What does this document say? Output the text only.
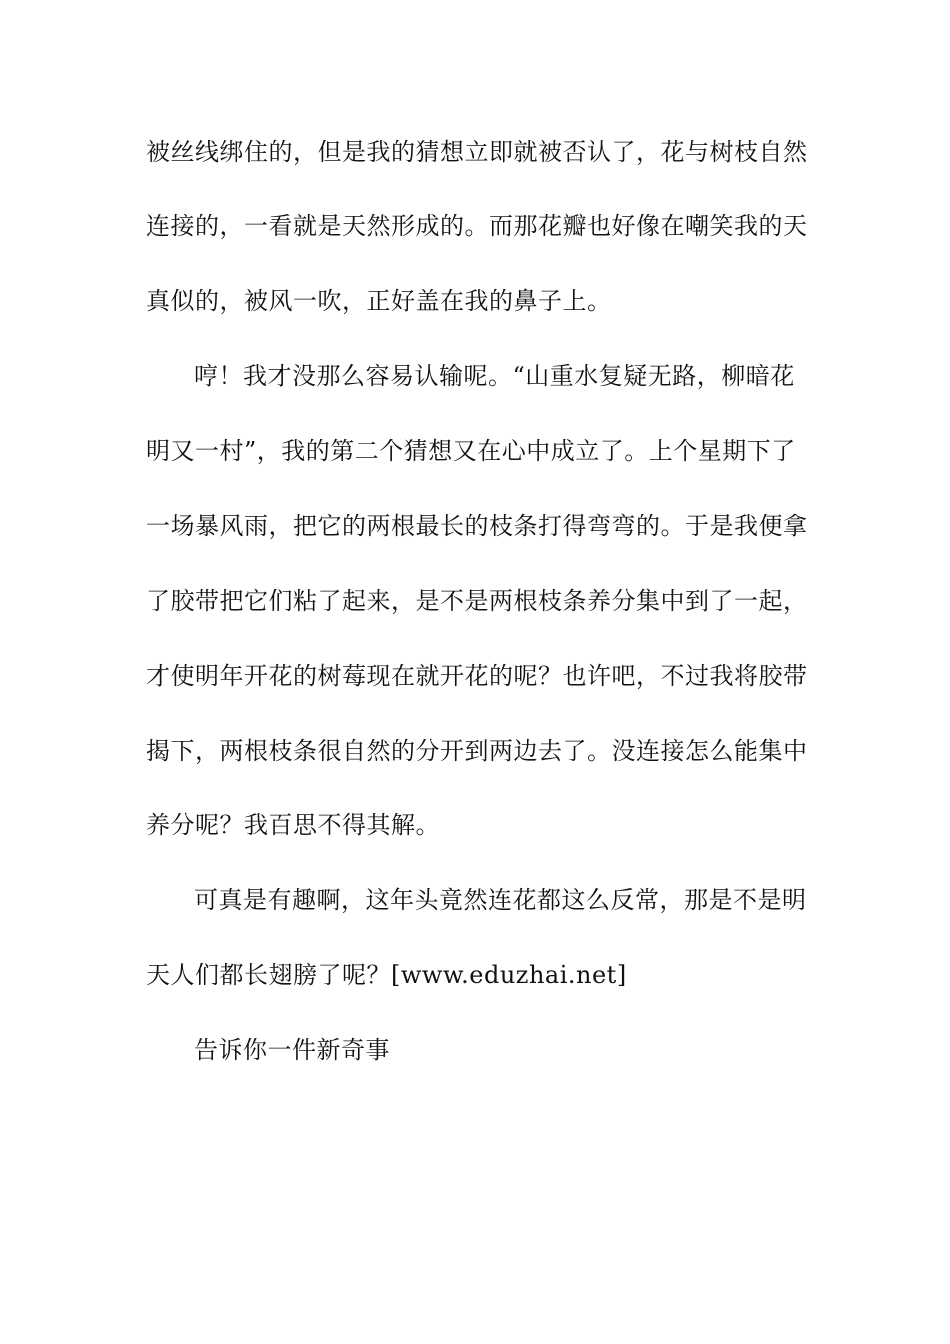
被丝线绑住的，但是我的猜想立即就被否认了，花与树枝自然
连接的，一看就是天然形成的。而那花瓣也好像在嘲笑我的天
真似的，被风一吹，正好盖在我的鼻子上。
哼！我才没那么容易认输呢。“山重水复疑无路，柳暗花
明又一村”，我的第二个猜想又在心中成立了。上个星期下了
一场暴风雨，把它的两根最长的枝条打得弯弯的。于是我便拿
了胶带把它们粘了起来，是不是两根枝条养分集中到了一起，
才使明年开花的树莓现在就开花的呢？也许吧，不过我将胶带
揭下，两根枝条很自然的分开到两边去了。没连接怎么能集中
养分呢？我百思不得其解。
可真是有趣啊，这年头竟然连花都这么反常，那是不是明
天人们都长翅膀了呢？[www.eduzhai.net]
告诉你一件新奇事
